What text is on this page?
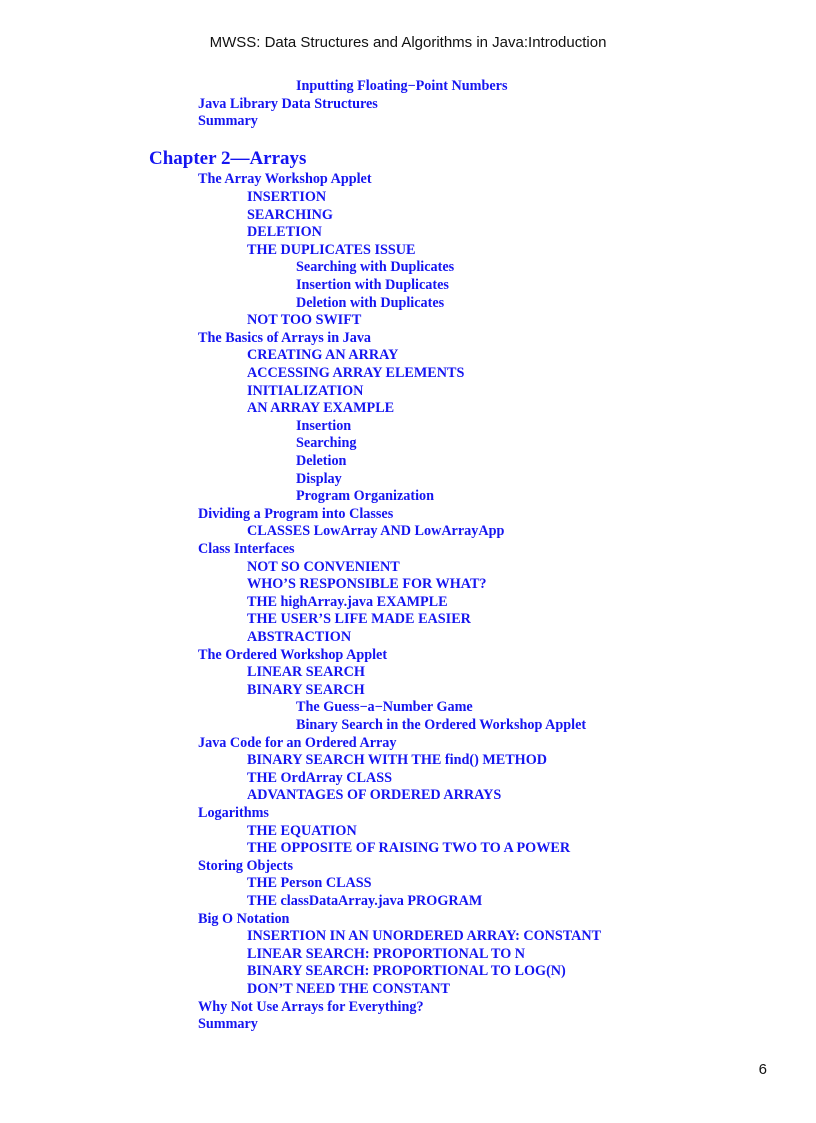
MWSS: Data Structures and Algorithms in Java:Introduction
Inputting Floating−Point Numbers
Java Library Data Structures
Summary
Chapter 2—Arrays
The Array Workshop Applet
INSERTION
SEARCHING
DELETION
THE DUPLICATES ISSUE
Searching with Duplicates
Insertion with Duplicates
Deletion with Duplicates
NOT TOO SWIFT
The Basics of Arrays in Java
CREATING AN ARRAY
ACCESSING ARRAY ELEMENTS
INITIALIZATION
AN ARRAY EXAMPLE
Insertion
Searching
Deletion
Display
Program Organization
Dividing a Program into Classes
CLASSES LowArray AND LowArrayApp
Class Interfaces
NOT SO CONVENIENT
WHO’S RESPONSIBLE FOR WHAT?
THE highArray.java EXAMPLE
THE USER’S LIFE MADE EASIER
ABSTRACTION
The Ordered Workshop Applet
LINEAR SEARCH
BINARY SEARCH
The Guess−a−Number Game
Binary Search in the Ordered Workshop Applet
Java Code for an Ordered Array
BINARY SEARCH WITH THE find() METHOD
THE OrdArray CLASS
ADVANTAGES OF ORDERED ARRAYS
Logarithms
THE EQUATION
THE OPPOSITE OF RAISING TWO TO A POWER
Storing Objects
THE Person CLASS
THE classDataArray.java PROGRAM
Big O Notation
INSERTION IN AN UNORDERED ARRAY: CONSTANT
LINEAR SEARCH: PROPORTIONAL TO N
BINARY SEARCH: PROPORTIONAL TO LOG(N)
DON’T NEED THE CONSTANT
Why Not Use Arrays for Everything?
Summary
6
